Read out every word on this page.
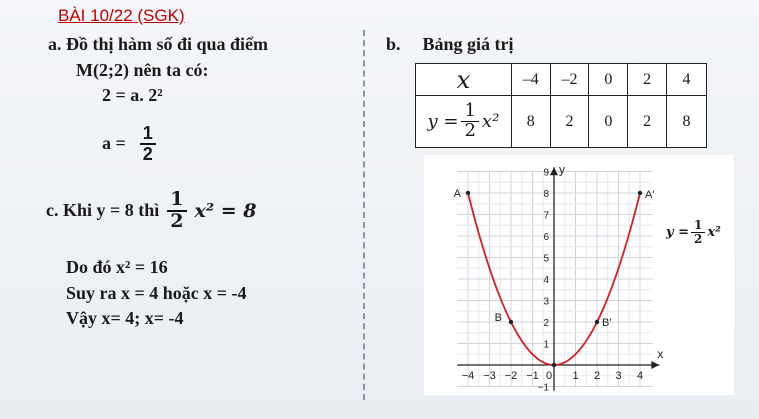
BÀI 10/22 (SGK)
a. Đồ thị hàm số đi qua điểm
M(2;2) nên ta có:
2 = a. 2²
$a = \frac{1}{2}$
c. Khi y = 8 thì $\frac{1}{2} x^2 = 8$
Do đó x² = 16
Suy ra x = 4 hoặc x = -4
Vậy x= 4; x= -4
b. Bảng giá trị
x	–4	–2	0	2	4

$y = \frac{1}{2} x^2$	8	2	0	2	8
−4 −3 −2 −1 0 1 2 3 4
−1
1
2
3
4
5
6
7
8
9
x
y
A
B	B′
A′
$y = \frac{1}{2} x^2$
